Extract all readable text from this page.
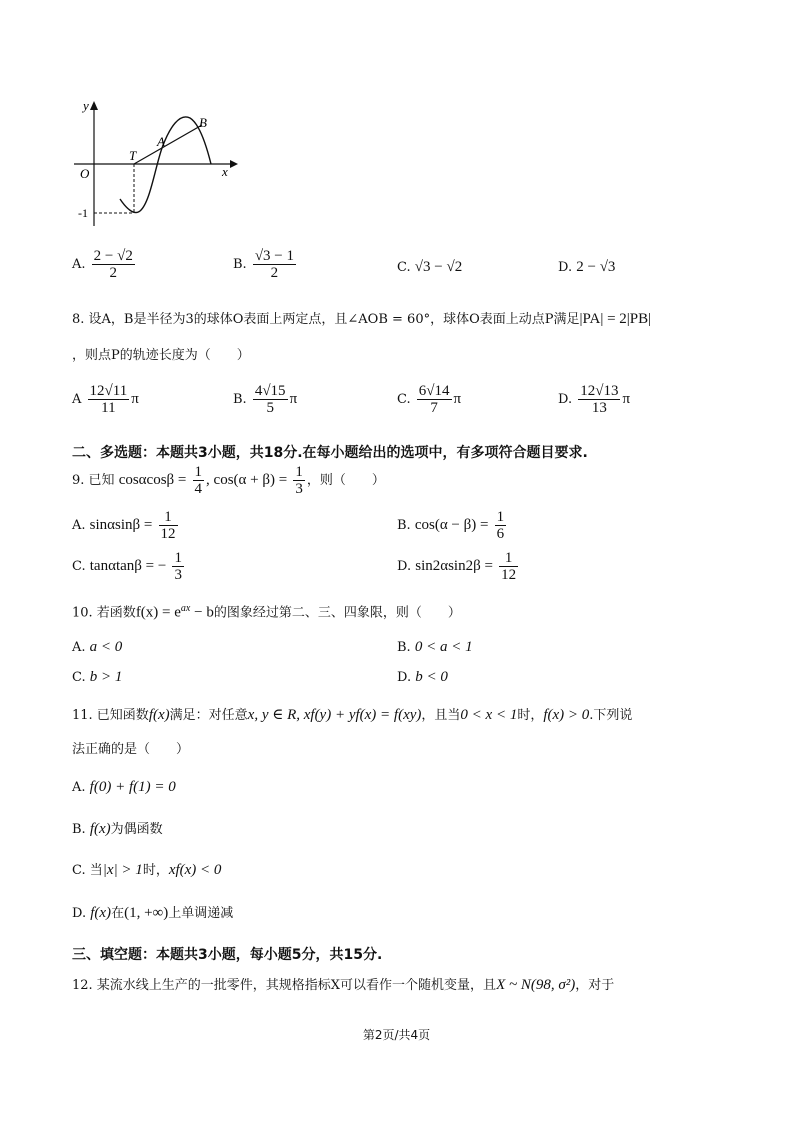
y
O	x
T
A
B
-1
A. $\frac{2 - √2}{2}$	B. $\frac{√3 - 1}{2}$	C. √3 − √2	D. 2 − √3
8. 设A，B是半径为3的球体O表面上两定点，且∠AOB = 60°，球体O表面上动点P满足|PA| = 2|PB|
，则点P的轨迹长度为（　　）
A $\frac{12√11}{11}$ π	B. $\frac{4√15}{5}$ π	C. $\frac{6√14}{7}$ π	D. $\frac{12√13}{13}$ π
二、多选题：本题共3小题，共18分.在每小题给出的选项中，有多项符合题目要求.
9. 已知 $\cos\alpha\cos\beta = \frac{1}{4}$ , $\cos(\alpha + \beta) = \frac{1}{3}$ ，则（　　）
A. $\sin\alpha\sin\beta = \frac{1}{12}$	B. $\cos(\alpha - \beta) = \frac{1}{6}$
C. tanαtanβ = − $\frac{1}{3}$	D. $\sin 2\alpha\sin 2\beta = \frac{1}{12}$
10. 若函数$f(x) = e^{ax} - b$的图象经过第二、三、四象限，则（　　）
A. a < 0	B. 0 < a < 1
C. b > 1	D. b < 0
11. 已知函数f(x)满足：对任意x, y ∈ R, xf(y) + yf(x) = f(xy)，且当0 < x < 1时，f(x) > 0.下列说
法正确的是（　　）
A. f(0) + f(1) = 0
B. f(x)为偶函数
C. 当|x| > 1时，xf(x) < 0
D. f(x)在(1, +∞)上单调递减
三、填空题：本题共3小题，每小题5分，共15分.
12. 某流水线上生产的一批零件，其规格指标X可以看作一个随机变量，且X ~ N(98, σ²)，对于
第2页/共4页
